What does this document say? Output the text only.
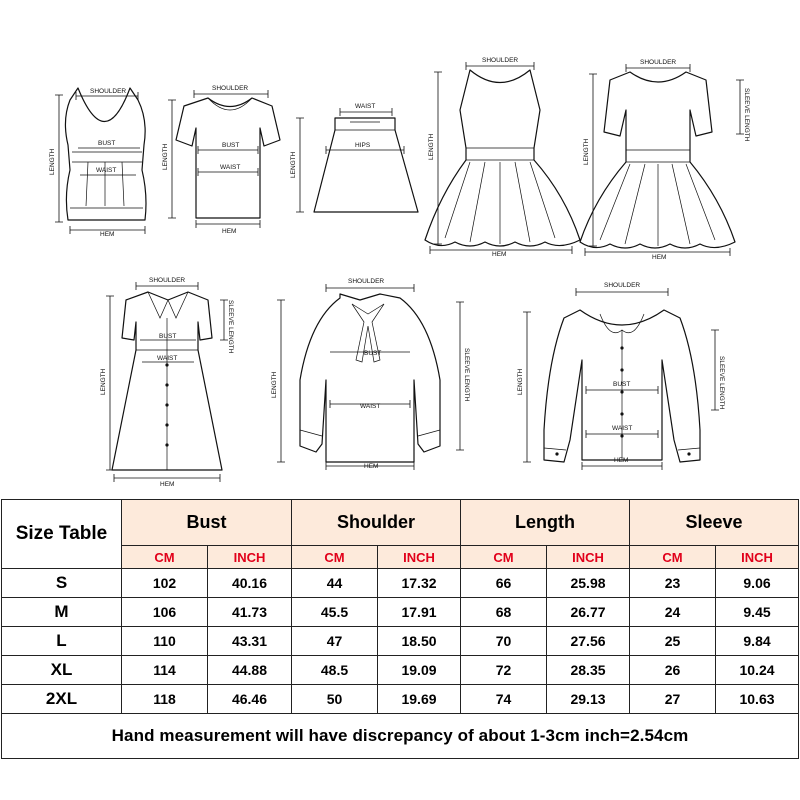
SHOULDER
BUST
WAIST
HEM
LENGTH
SHOULDER
BUST
WAIST
HEM
LENGTH
WAIST
HIPS
LENGTH
SHOULDER
HEM
LENGTH
SHOULDER
HEM
LENGTH
SLEEVE LENGTH
SHOULDER
BUST
WAIST
HEM
LENGTH
SLEEVE LENGTH
SHOULDER
BUST
WAIST
HEM
LENGTH	SLEEVE LENGTH
SHOULDER
BUST
WAIST
HEM
LENGTH	SLEEVE LENGTH
Size Table	Bust		Shoulder		Length		Sleeve	
	CM	INCH	CM	INCH	CM	INCH	CM	INCH
S	102	40.16	44	17.32	66	25.98	23	9.06
M	106	41.73	45.5	17.91	68	26.77	24	9.45
L	110	43.31	47	18.50	70	27.56	25	9.84
XL	114	44.88	48.5	19.09	72	28.35	26	10.24
2XL	118	46.46	50	19.69	74	29.13	27	10.63
Hand measurement will have discrepancy of about 1-3cm inch=2.54cm								
